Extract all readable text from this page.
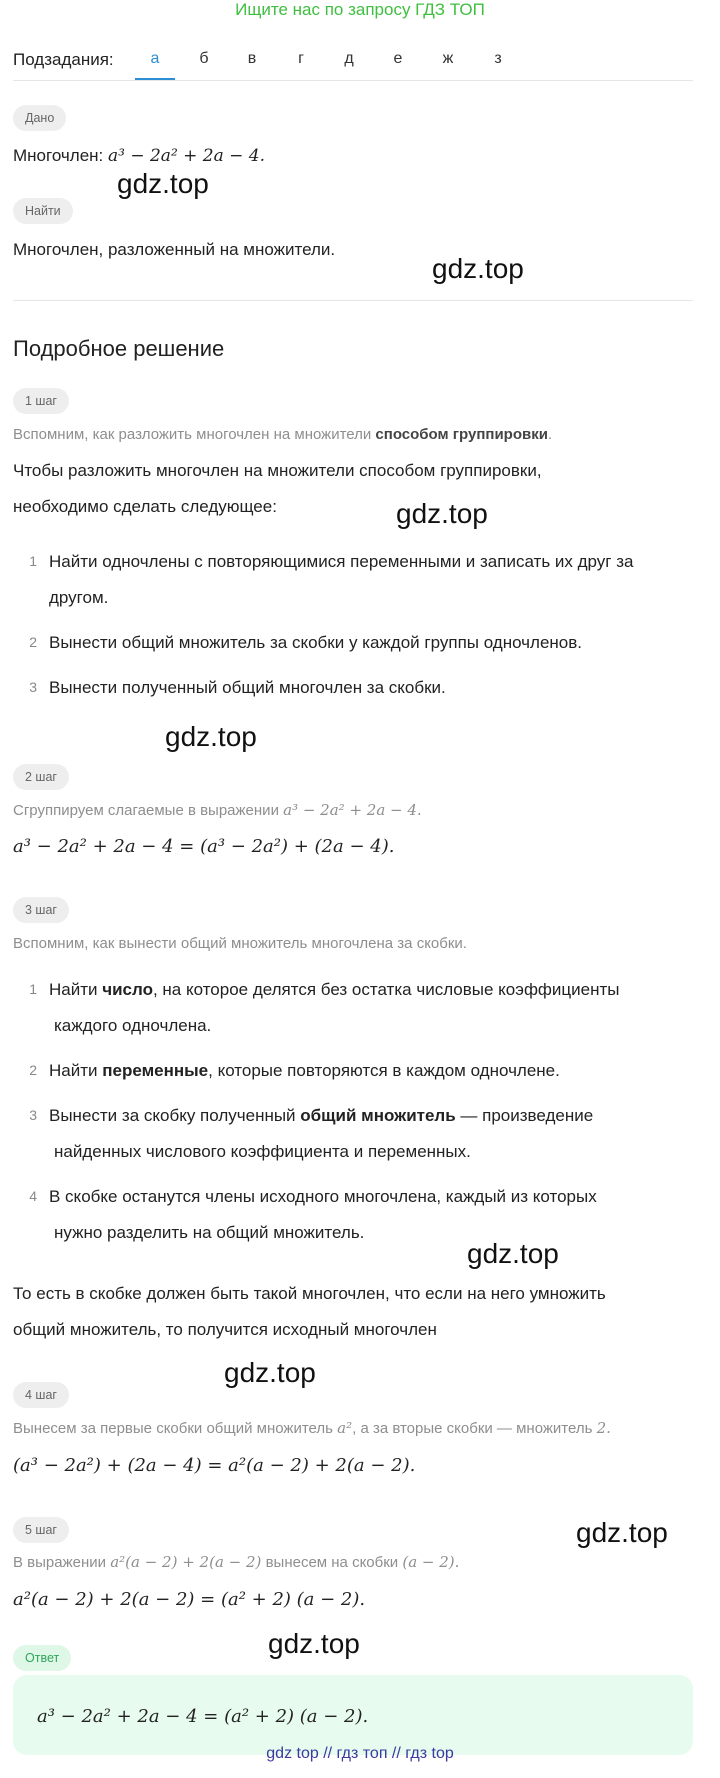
Ищите нас по запросу ГДЗ ТОП
Подзадания:	а	б	в	г	д	е	ж	з
Дано
Многочлен: a³ − 2a² + 2a − 4.
Найти
Многочлен, разложенный на множители.
Подробное решение
1 шаг
Вспомним, как разложить многочлен на множители способом группировки.
Чтобы разложить многочлен на множители способом группировки,
необходимо сделать следующее:
1 Найти одночлены с повторяющимися переменными и записать их друг за
другом.
2 Вынести общий множитель за скобки у каждой группы одночленов.
3 Вынести полученный общий многочлен за скобки.
2 шаг
Сгруппируем слагаемые в выражении a³ − 2a² + 2a − 4.
a³ − 2a² + 2a − 4 = (a³ − 2a²) + (2a − 4).
3 шаг
Вспомним, как вынести общий множитель многочлена за скобки.
1 Найти число, на которое делятся без остатка числовые коэффициенты
каждого одночлена.
2 Найти переменные, которые повторяются в каждом одночлене.
3 Вынести за скобку полученный общий множитель — произведение
найденных числового коэффициента и переменных.
4 В скобке останутся члены исходного многочлена, каждый из которых
нужно разделить на общий множитель.
То есть в скобке должен быть такой многочлен, что если на него умножить
общий множитель, то получится исходный многочлен
4 шаг
Вынесем за первые скобки общий множитель a², а за вторые скобки — множитель 2.
(a³ − 2a²) + (2a − 4) = a²(a − 2) + 2(a − 2).
5 шаг
В выражении a²(a − 2) + 2(a − 2) вынесем на скобки (a − 2).
a²(a − 2) + 2(a − 2) = (a² + 2) (a − 2).
Ответ
a³ − 2a² + 2a − 4 = (a² + 2) (a − 2).
gdz.top
gdz.top
gdz.top
gdz.top
gdz.top
gdz.top
gdz.top
gdz.top
gdz top // гдз топ // гдз top
